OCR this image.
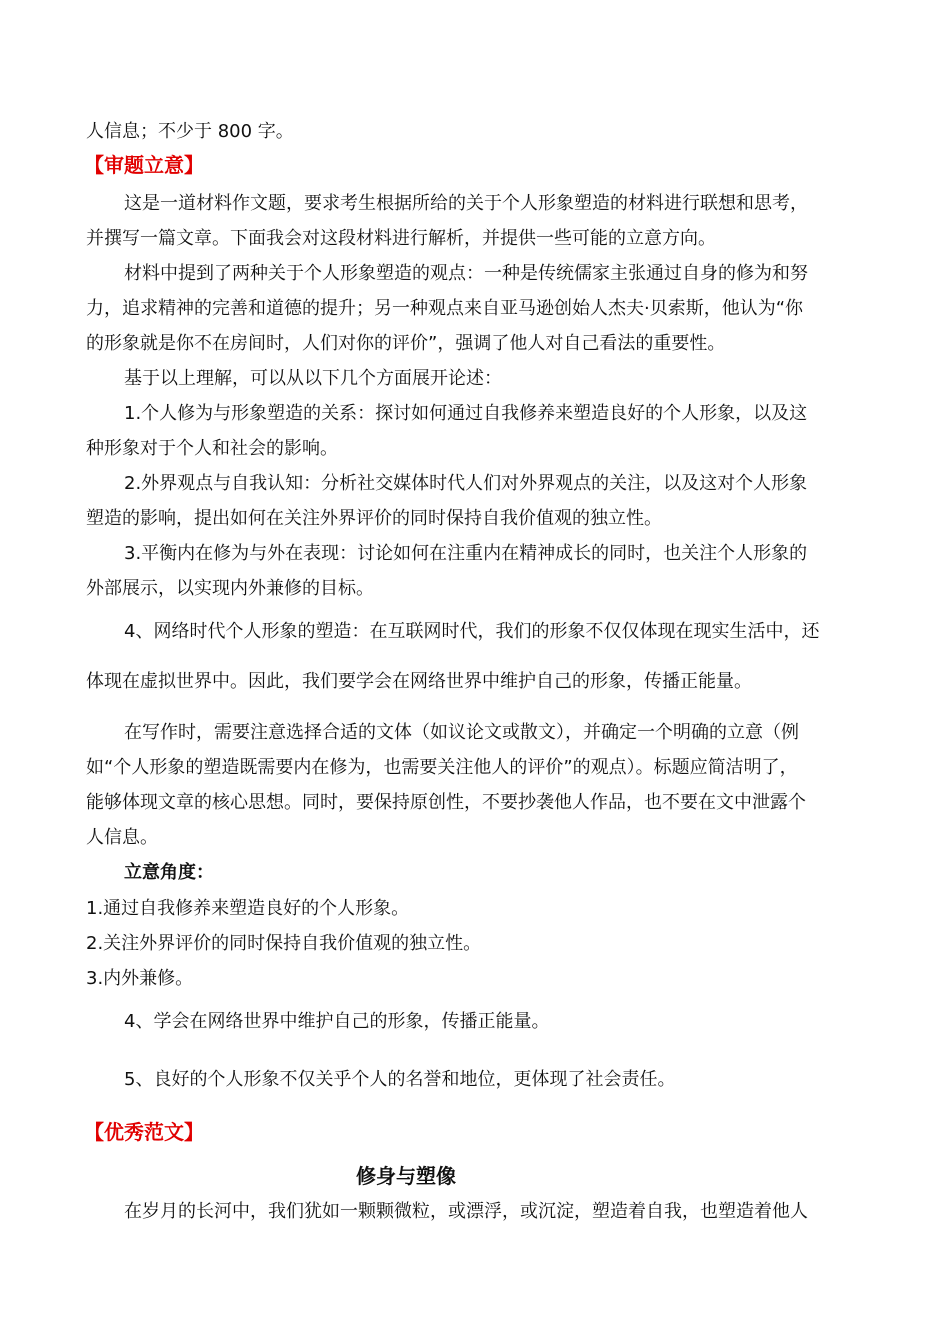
人信息；不少于 800 字。

【审题立意】

这是一道材料作文题，要求考生根据所给的关于个人形象塑造的材料进行联想和思考，

并撰写一篇文章。下面我会对这段材料进行解析，并提供一些可能的立意方向。

材料中提到了两种关于个人形象塑造的观点：一种是传统儒家主张通过自身的修为和努

力，追求精神的完善和道德的提升；另一种观点来自亚马逊创始人杰夫·贝索斯，他认为“你

的形象就是你不在房间时，人们对你的评价”，强调了他人对自己看法的重要性。

基于以上理解，可以从以下几个方面展开论述：

1.个人修为与形象塑造的关系：探讨如何通过自我修养来塑造良好的个人形象，以及这

种形象对于个人和社会的影响。

2.外界观点与自我认知：分析社交媒体时代人们对外界观点的关注，以及这对个人形象

塑造的影响，提出如何在关注外界评价的同时保持自我价值观的独立性。

3.平衡内在修为与外在表现：讨论如何在注重内在精神成长的同时，也关注个人形象的

外部展示，以实现内外兼修的目标。

4、网络时代个人形象的塑造：在互联网时代，我们的形象不仅仅体现在现实生活中，还

体现在虚拟世界中。因此，我们要学会在网络世界中维护自己的形象，传播正能量。

在写作时，需要注意选择合适的文体（如议论文或散文），并确定一个明确的立意（例

如“个人形象的塑造既需要内在修为，也需要关注他人的评价”的观点）。标题应简洁明了，

能够体现文章的核心思想。同时，要保持原创性，不要抄袭他人作品，也不要在文中泄露个

人信息。

立意角度：

1.通过自我修养来塑造良好的个人形象。

2.关注外界评价的同时保持自我价值观的独立性。

3.内外兼修。

4、学会在网络世界中维护自己的形象，传播正能量。

5、良好的个人形象不仅关乎个人的名誉和地位，更体现了社会责任。

【优秀范文】

修身与塑像

在岁月的长河中，我们犹如一颗颗微粒，或漂浮，或沉淀，塑造着自我，也塑造着他人
